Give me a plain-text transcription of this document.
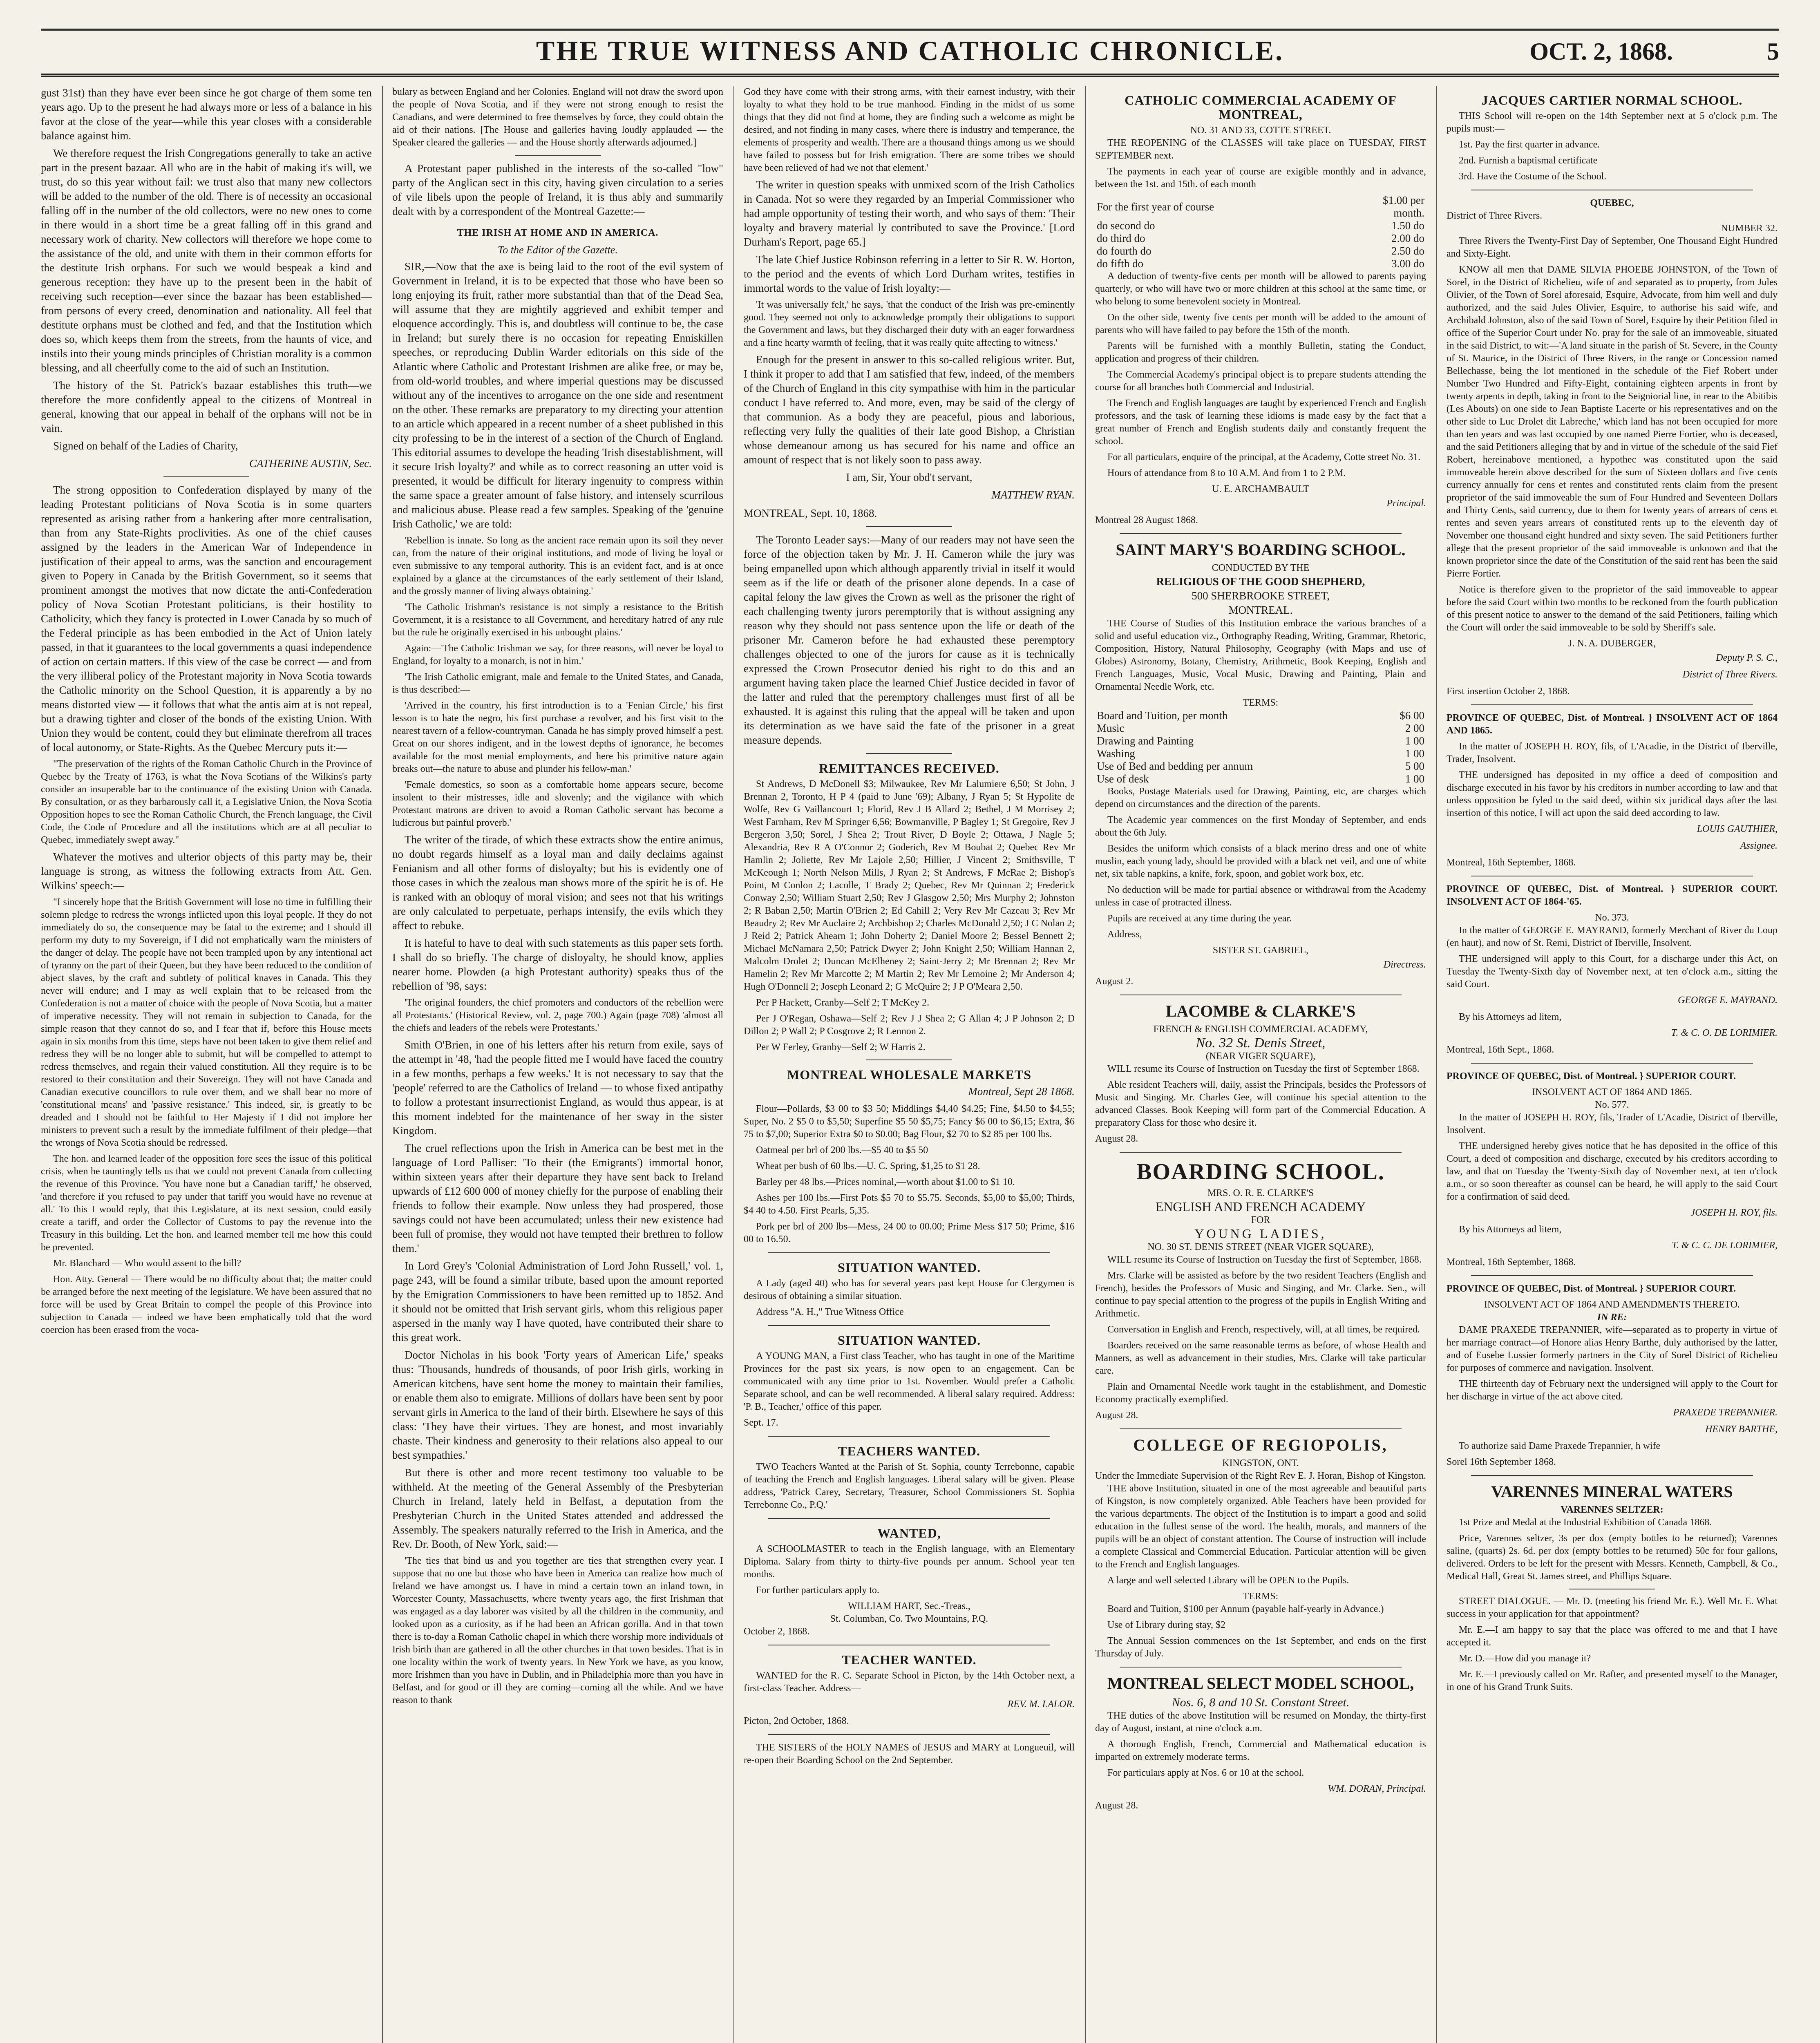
THE TRUE WITNESS AND CATHOLIC CHRONICLE.	OCT. 2, 1868.	5

gust 31st) than they have ever been since he got charge of them some ten years ago. Up to the present he had always more or less of a balance in his favor at the close of the year—while this year closes with a considerable balance against him.

We therefore request the Irish Congregations generally to take an active part in the present bazaar. All who are in the habit of making it's will, we trust, do so this year without fail: we trust also that many new collectors will be added to the number of the old. There is of necessity an occasional falling off in the number of the old collectors, were no new ones to come in there would in a short time be a great falling off in this grand and necessary work of charity. New collectors will therefore we hope come to the assistance of the old, and unite with them in their common efforts for the destitute Irish orphans. For such we would bespeak a kind and generous reception: they have up to the present been in the habit of receiving such reception—ever since the bazaar has been established—from persons of every creed, denomination and nationality. All feel that destitute orphans must be clothed and fed, and that the Institution which does so, which keeps them from the streets, from the haunts of vice, and instils into their young minds principles of Christian morality is a common blessing, and all cheerfully come to the aid of such an Institution.

The history of the St. Patrick's bazaar establishes this truth—we therefore the more confidently appeal to the citizens of Montreal in general, knowing that our appeal in behalf of the orphans will not be in vain.

Signed on behalf of the Ladies of Charity,

CATHERINE AUSTIN, Sec.

The strong opposition to Confederation displayed by many of the leading Protestant politicians of Nova Scotia is in some quarters represented as arising rather from a hankering after more centralisation, than from any State-Rights proclivities. As one of the chief causes assigned by the leaders in the American War of Independence in justification of their appeal to arms, was the sanction and encouragement given to Popery in Canada by the British Government, so it seems that prominent amongst the motives that now dictate the anti-Confederation policy of Nova Scotian Protestant politicians, is their hostility to Catholicity, which they fancy is protected in Lower Canada by so much of the Federal principle as has been embodied in the Act of Union lately passed, in that it guarantees to the local governments a quasi independence of action on certain matters. If this view of the case be correct — and from the very illiberal policy of the Protestant majority in Nova Scotia towards the Catholic minority on the School Question, it is apparently a by no means distorted view — it follows that what the antis aim at is not repeal, but a drawing tighter and closer of the bonds of the existing Union. With Union they would be content, could they but eliminate therefrom all traces of local autonomy, or State-Rights. As the Quebec Mercury puts it:—

"The preservation of the rights of the Roman Catholic Church in the Province of Quebec by the Treaty of 1763, is what the Nova Scotians of the Wilkins's party consider an insuperable bar to the continuance of the existing Union with Canada. By consultation, or as they barbarously call it, a Legislative Union, the Nova Scotia Opposition hopes to see the Roman Catholic Church, the French language, the Civil Code, the Code of Procedure and all the institutions which are at all peculiar to Quebec, immediately swept away."

Whatever the motives and ulterior objects of this party may be, their language is strong, as witness the following extracts from Att. Gen. Wilkins' speech:—

"I sincerely hope that the British Government will lose no time in fulfilling their solemn pledge to redress the wrongs inflicted upon this loyal people. If they do not immediately do so, the consequence may be fatal to the extreme; and I should ill perform my duty to my Sovereign, if I did not emphatically warn the ministers of the danger of delay. The people have not been trampled upon by any intentional act of tyranny on the part of their Queen, but they have been reduced to the condition of abject slaves, by the craft and subtlety of political knaves in Canada. This they never will endure; and I may as well explain that to be released from the Confederation is not a matter of choice with the people of Nova Scotia, but a matter of imperative necessity. They will not remain in subjection to Canada, for the simple reason that they cannot do so, and I fear that if, before this House meets again in six months from this time, steps have not been taken to give them relief and redress they will be no longer able to submit, but will be compelled to attempt to redress themselves, and regain their valued constitution. All they require is to be restored to their constitution and their Sovereign. They will not have Canada and Canadian executive councillors to rule over them, and we shall bear no more of 'constitutional means' and 'passive resistance.' This indeed, sir, is greatly to be dreaded and I should not be faithful to Her Majesty if I did not implore her ministers to prevent such a result by the immediate fulfilment of their pledge—that the wrongs of Nova Scotia should be redressed.

The hon. and learned leader of the opposition fore sees the issue of this political crisis, when he tauntingly tells us that we could not prevent Canada from collecting the revenue of this Province. 'You have none but a Canadian tariff,' he observed, 'and therefore if you refused to pay under that tariff you would have no revenue at all.' To this I would reply, that this Legislature, at its next session, could easily create a tariff, and order the Collector of Customs to pay the revenue into the Treasury in this building. Let the hon. and learned member tell me how this could be prevented.

Mr. Blanchard — Who would assent to the bill?

Hon. Atty. General — There would be no difficulty about that; the matter could be arranged before the next meeting of the legislature. We have been assured that no force will be used by Great Britain to compel the people of this Province into subjection to Canada — indeed we have been emphatically told that the word coercion has been erased from the voca-

bulary as between England and her Colonies. England will not draw the sword upon the people of Nova Scotia, and if they were not strong enough to resist the Canadians, and were determined to free themselves by force, they could obtain the aid of their nations. [The House and galleries having loudly applauded — the Speaker cleared the galleries — and the House shortly afterwards adjourned.]

A Protestant paper published in the interests of the so-called "low" party of the Anglican sect in this city, having given circulation to a series of vile libels upon the people of Ireland, it is thus ably and summarily dealt with by a correspondent of the Montreal Gazette:—

THE IRISH AT HOME AND IN AMERICA.
To the Editor of the Gazette.

SIR,—Now that the axe is being laid to the root of the evil system of Government in Ireland, it is to be expected that those who have been so long enjoying its fruit, rather more substantial than that of the Dead Sea, will assume that they are mightily aggrieved and exhibit temper and eloquence accordingly. This is, and doubtless will continue to be, the case in Ireland; but surely there is no occasion for repeating Enniskillen speeches, or reproducing Dublin Warder editorials on this side of the Atlantic where Catholic and Protestant Irishmen are alike free, or may be, from old-world troubles, and where imperial questions may be discussed without any of the incentives to arrogance on the one side and resentment on the other. These remarks are preparatory to my directing your attention to an article which appeared in a recent number of a sheet published in this city professing to be in the interest of a section of the Church of England. This editorial assumes to develope the heading 'Irish disestablishment, will it secure Irish loyalty?' and while as to correct reasoning an utter void is presented, it would be difficult for literary ingenuity to compress within the same space a greater amount of false history, and intensely scurrilous and malicious abuse. Please read a few samples. Speaking of the 'genuine Irish Catholic,' we are told:

'Rebellion is innate. So long as the ancient race remain upon its soil they never can, from the nature of their original institutions, and mode of living be loyal or even submissive to any temporal authority. This is an evident fact, and is at once explained by a glance at the circumstances of the early settlement of their Island, and the grossly manner of living always obtaining.'

'The Catholic Irishman's resistance is not simply a resistance to the British Government, it is a resistance to all Government, and hereditary hatred of any rule but the rule he originally exercised in his unbought plains.'

Again:—'The Catholic Irishman we say, for three reasons, will never be loyal to England, for loyalty to a monarch, is not in him.'

'The Irish Catholic emigrant, male and female to the United States, and Canada, is thus described:—

'Arrived in the country, his first introduction is to a 'Fenian Circle,' his first lesson is to hate the negro, his first purchase a revolver, and his first visit to the nearest tavern of a fellow-countryman. Canada he has simply proved himself a pest. Great on our shores indigent, and in the lowest depths of ignorance, he becomes available for the most menial employments, and here his primitive nature again breaks out—the nature to abuse and plunder his fellow-man.'

'Female domestics, so soon as a comfortable home appears secure, become insolent to their mistresses, idle and slovenly; and the vigilance with which Protestant matrons are driven to avoid a Roman Catholic servant has become a ludicrous but painful proverb.'

The writer of the tirade, of which these extracts show the entire animus, no doubt regards himself as a loyal man and daily declaims against Fenianism and all other forms of disloyalty; but his is evidently one of those cases in which the zealous man shows more of the spirit he is of. He is ranked with an obloquy of moral vision; and sees not that his writings are only calculated to perpetuate, perhaps intensify, the evils which they affect to rebuke.

It is hateful to have to deal with such statements as this paper sets forth. I shall do so briefly. The charge of disloyalty, he should know, applies nearer home. Plowden (a high Protestant authority) speaks thus of the rebellion of '98, says:

'The original founders, the chief promoters and conductors of the rebellion were all Protestants.' (Historical Review, vol. 2, page 700.) Again (page 708) 'almost all the chiefs and leaders of the rebels were Protestants.'

Smith O'Brien, in one of his letters after his return from exile, says of the attempt in '48, 'had the people fitted me I would have faced the country in a few months, perhaps a few weeks.' It is not necessary to say that the 'people' referred to are the Catholics of Ireland — to whose fixed antipathy to follow a protestant insurrectionist England, as would thus appear, is at this moment indebted for the maintenance of her sway in the sister Kingdom.

The cruel reflections upon the Irish in America can be best met in the language of Lord Palliser: 'To their (the Emigrants') immortal honor, within sixteen years after their departure they have sent back to Ireland upwards of £12 600 000 of money chiefly for the purpose of enabling their friends to follow their example. Now unless they had prospered, those savings could not have been accumulated; unless their new existence had been full of promise, they would not have tempted their brethren to follow them.'

In Lord Grey's 'Colonial Administration of Lord John Russell,' vol. 1, page 243, will be found a similar tribute, based upon the amount reported by the Emigration Commissioners to have been remitted up to 1852. And it should not be omitted that Irish servant girls, whom this religious paper aspersed in the manly way I have quoted, have contributed their share to this great work.

Doctor Nicholas in his book 'Forty years of American Life,' speaks thus: 'Thousands, hundreds of thousands, of poor Irish girls, working in American kitchens, have sent home the money to maintain their families, or enable them also to emigrate. Millions of dollars have been sent by poor servant girls in America to the land of their birth. Elsewhere he says of this class: 'They have their virtues. They are honest, and most invariably chaste. Their kindness and generosity to their relations also appeal to our best sympathies.'

But there is other and more recent testimony too valuable to be withheld. At the meeting of the General Assembly of the Presbyterian Church in Ireland, lately held in Belfast, a deputation from the Presbyterian Church in the United States attended and addressed the Assembly. The speakers naturally referred to the Irish in America, and the Rev. Dr. Booth, of New York, said:—

'The ties that bind us and you together are ties that strengthen every year. I suppose that no one but those who have been in America can realize how much of Ireland we have amongst us. I have in mind a certain town an inland town, in Worcester County, Massachusetts, where twenty years ago, the first Irishman that was engaged as a day laborer was visited by all the children in the community, and looked upon as a curiosity, as if he had been an African gorilla. And in that town there is to-day a Roman Catholic chapel in which there worship more individuals of Irish birth than are gathered in all the other churches in that town besides. That is in one locality within the work of twenty years. In New York we have, as you know, more Irishmen than you have in Dublin, and in Philadelphia more than you have in Belfast, and for good or ill they are coming—coming all the while. And we have reason to thank

God they have come with their strong arms, with their earnest industry, with their loyalty to what they hold to be true manhood. Finding in the midst of us some things that they did not find at home, they are finding such a welcome as might be desired, and not finding in many cases, where there is industry and temperance, the elements of prosperity and wealth. There are a thousand things among us we should have failed to possess but for Irish emigration. There are some tribes we should have been relieved of had we not that element.'

The writer in question speaks with unmixed scorn of the Irish Catholics in Canada. Not so were they regarded by an Imperial Commissioner who had ample opportunity of testing their worth, and who says of them: 'Their loyalty and bravery material ly contributed to save the Province.' [Lord Durham's Report, page 65.]

The late Chief Justice Robinson referring in a letter to Sir R. W. Horton, to the period and the events of which Lord Durham writes, testifies in immortal words to the value of Irish loyalty:—

'It was universally felt,' he says, 'that the conduct of the Irish was pre-eminently good. They seemed not only to acknowledge promptly their obligations to support the Government and laws, but they discharged their duty with an eager forwardness and a fine hearty warmth of feeling, that it was really quite affecting to witness.'

Enough for the present in answer to this so-called religious writer. But, I think it proper to add that I am satisfied that few, indeed, of the members of the Church of England in this city sympathise with him in the particular conduct I have referred to. And more, even, may be said of the clergy of that communion. As a body they are peaceful, pious and laborious, reflecting very fully the qualities of their late good Bishop, a Christian whose demeanour among us has secured for his name and office an amount of respect that is not likely soon to pass away.

I am, Sir, Your obd't servant,

MATTHEW RYAN.

MONTREAL, Sept. 10, 1868.

The Toronto Leader says:—Many of our readers may not have seen the force of the objection taken by Mr. J. H. Cameron while the jury was being empanelled upon which although apparently trivial in itself it would seem as if the life or death of the prisoner alone depends. In a case of capital felony the law gives the Crown as well as the prisoner the right of each challenging twenty jurors peremptorily that is without assigning any reason why they should not pass sentence upon the life or death of the prisoner Mr. Cameron before he had exhausted these peremptory challenges objected to one of the jurors for cause as it is technically expressed the Crown Prosecutor denied his right to do this and an argument having taken place the learned Chief Justice decided in favor of the latter and ruled that the peremptory challenges must first of all be exhausted. It is against this ruling that the appeal will be taken and upon its determination as we have said the fate of the prisoner in a great measure depends.

REMITTANCES RECEIVED.

St Andrews, D McDonell $3; Milwaukee, Rev Mr Lalumiere 6,50; St John, J Brennan 2, Toronto, H P 4 (paid to June '69); Albany, J Ryan 5; St Hypolite de Wolfe, Rev G Vaillancourt 1; Florid, Rev J B Allard 2; Bethel, J M Morrisey 2; West Farnham, Rev M Springer 6,56; Bowmanville, P Bagley 1; St Gregoire, Rev J Bergeron 3,50; Sorel, J Shea 2; Trout River, D Boyle 2; Ottawa, J Nagle 5; Alexandria, Rev R A O'Connor 2; Goderich, Rev M Boubat 2; Quebec Rev Mr Hamlin 2; Joliette, Rev Mr Lajole 2,50; Hillier, J Vincent 2; Smithsville, T McKeough 1; North Nelson Mills, J Ryan 2; St Andrews, F McRae 2; Bishop's Point, M Conlon 2; Lacolle, T Brady 2; Quebec, Rev Mr Quinnan 2; Frederick Conway 2,50; William Stuart 2,50; Rev J Glasgow 2,50; Mrs Murphy 2; Johnston 2; R Baban 2,50; Martin O'Brien 2; Ed Cahill 2; Very Rev Mr Cazeau 3; Rev Mr Beaudry 2; Rev Mr Auclaire 2; Archbishop 2; Charles McDonald 2,50; J C Nolan 2; J Reid 2; Patrick Ahearn 1; John Doherty 2; Daniel Moore 2; Bessel Bennett 2; Michael McNamara 2,50; Patrick Dwyer 2; John Knight 2,50; William Hannan 2, Malcolm Drolet 2; Duncan McElheney 2; Saint-Jerry 2; Mr Brennan 2; Rev Mr Hamelin 2; Rev Mr Marcotte 2; M Martin 2; Rev Mr Lemoine 2; Mr Anderson 4; Hugh O'Donnell 2; Joseph Leonard 2; G McQuire 2; J P O'Meara 2,50.

Per P Hackett, Granby—Self 2; T McKey 2.

Per J O'Regan, Oshawa—Self 2; Rev J J Shea 2; G Allan 4; J P Johnson 2; D Dillon 2; P Wall 2; P Cosgrove 2; R Lennon 2.

Per W Ferley, Granby—Self 2; W Harris 2.

MONTREAL WHOLESALE MARKETS
Montreal, Sept 28 1868.

Flour—Pollards, $3 00 to $3 50; Middlings $4,40 $4.25; Fine, $4.50 to $4,55; Super, No. 2 $5 0 to $5,50; Superfine $5 50 $5,75; Fancy $6 00 to $6,15; Extra, $6 75 to $7,00; Superior Extra $0 to $0.00; Bag Flour, $2 70 to $2 85 per 100 lbs.

Oatmeal per brl of 200 lbs.—$5 40 to $5 50

Wheat per bush of 60 lbs.—U. C. Spring, $1,25 to $1 28.

Barley per 48 lbs.—Prices nominal,—worth about $1.00 to $1 10.

Ashes per 100 lbs.—First Pots $5 70 to $5.75. Seconds, $5,00 to $5,00; Thirds, $4 40 to 4.50. First Pearls, 5,35.

Pork per brl of 200 lbs—Mess, 24 00 to 00.00; Prime Mess $17 50; Prime, $16 00 to 16.50.

SITUATION WANTED.

A Lady (aged 40) who has for several years past kept House for Clergymen is desirous of obtaining a similar situation.

Address "A. H.," True Witness Office

SITUATION WANTED.

A YOUNG MAN, a First class Teacher, who has taught in one of the Maritime Provinces for the past six years, is now open to an engagement. Can be communicated with any time prior to 1st. November. Would prefer a Catholic Separate school, and can be well recommended. A liberal salary required. Address: 'P. B., Teacher,' office of this paper.

Sept. 17.

TEACHERS WANTED.

TWO Teachers Wanted at the Parish of St. Sophia, county Terrebonne, capable of teaching the French and English languages. Liberal salary will be given. Please address, 'Patrick Carey, Secretary, Treasurer, School Commissioners St. Sophia Terrebonne Co., P.Q.'

WANTED,

A SCHOOLMASTER to teach in the English language, with an Elementary Diploma. Salary from thirty to thirty-five pounds per annum. School year ten months.

For further particulars apply to.

WILLIAM HART, Sec.-Treas.,
St. Columban, Co. Two Mountains, P.Q.

October 2, 1868.

TEACHER WANTED.

WANTED for the R. C. Separate School in Picton, by the 14th October next, a first-class Teacher. Address—

REV. M. LALOR.

Picton, 2nd October, 1868.

THE SISTERS of the HOLY NAMES of JESUS and MARY at Longueuil, will re-open their Boarding School on the 2nd September.

CATHOLIC COMMERCIAL ACADEMY OF MONTREAL,
NO. 31 AND 33, COTTE STREET.

THE REOPENING of the CLASSES will take place on TUESDAY, FIRST SEPTEMBER next.

The payments in each year of course are exigible monthly and in advance, between the 1st. and 15th. of each month

For the first year of course	$1.00 per month.
do second do	1.50 do
do third do	2.00 do
do fourth do	2.50 do
do fifth do	3.00 do

A deduction of twenty-five cents per month will be allowed to parents paying quarterly, or who will have two or more children at this school at the same time, or who belong to some benevolent society in Montreal.

On the other side, twenty five cents per month will be added to the amount of parents who will have failed to pay before the 15th of the month.

Parents will be furnished with a monthly Bulletin, stating the Conduct, application and progress of their children.

The Commercial Academy's principal object is to prepare students attending the course for all branches both Commercial and Industrial.

The French and English languages are taught by experienced French and English professors, and the task of learning these idioms is made easy by the fact that a great number of French and English students daily and constantly frequent the school.

For all particulars, enquire of the principal, at the Academy, Cotte street No. 31.

Hours of attendance from 8 to 10 A.M. And from 1 to 2 P.M.

U. E. ARCHAMBAULT
Principal.

Montreal 28 August 1868.

SAINT MARY'S BOARDING SCHOOL.
CONDUCTED BY THE
RELIGIOUS OF THE GOOD SHEPHERD,
500 SHERBROOKE STREET,
MONTREAL.

THE Course of Studies of this Institution embrace the various branches of a solid and useful education viz., Orthography Reading, Writing, Grammar, Rhetoric, Composition, History, Natural Philosophy, Geography (with Maps and use of Globes) Astronomy, Botany, Chemistry, Arithmetic, Book Keeping, English and French Languages, Music, Vocal Music, Drawing and Painting, Plain and Ornamental Needle Work, etc.

TERMS:
Board and Tuition, per month	$6 00
Music	2 00
Drawing and Painting	1 00
Washing	1 00
Use of Bed and bedding per annum	5 00
Use of desk	1 00

Books, Postage Materials used for Drawing, Painting, etc, are charges which depend on circumstances and the direction of the parents.

The Academic year commences on the first Monday of September, and ends about the 6th July.

Besides the uniform which consists of a black merino dress and one of white muslin, each young lady, should be provided with a black net veil, and one of white net, six table napkins, a knife, fork, spoon, and goblet work box, etc.

No deduction will be made for partial absence or withdrawal from the Academy unless in case of protracted illness.

Pupils are received at any time during the year.

Address,

SISTER ST. GABRIEL,
Directress.

August 2.

LACOMBE & CLARKE'S
FRENCH & ENGLISH COMMERCIAL ACADEMY,
No. 32 St. Denis Street,
(NEAR VIGER SQUARE),

WILL resume its Course of Instruction on Tuesday the first of September 1868.

Able resident Teachers will, daily, assist the Principals, besides the Professors of Music and Singing. Mr. Charles Gee, will continue his special attention to the advanced Classes. Book Keeping will form part of the Commercial Education. A preparatory Class for those who desire it.

August 28.

BOARDING SCHOOL.
MRS. O. R. E. CLARKE'S
ENGLISH AND FRENCH ACADEMY
FOR
YOUNG LADIES,
NO. 30 ST. DENIS STREET (NEAR VIGER SQUARE),

WILL resume its Course of Instruction on Tuesday the first of September, 1868.

Mrs. Clarke will be assisted as before by the two resident Teachers (English and French), besides the Professors of Music and Singing, and Mr. Clarke. Sen., will continue to pay special attention to the progress of the pupils in English Writing and Arithmetic.

Conversation in English and French, respectively, will, at all times, be required.

Boarders received on the same reasonable terms as before, of whose Health and Manners, as well as advancement in their studies, Mrs. Clarke will take particular care.

Plain and Ornamental Needle work taught in the establishment, and Domestic Economy practically exemplified.

August 28.

COLLEGE OF REGIOPOLIS,
KINGSTON, ONT.
Under the Immediate Supervision of the Right Rev E. J. Horan, Bishop of Kingston.

THE above Institution, situated in one of the most agreeable and beautiful parts of Kingston, is now completely organized. Able Teachers have been provided for the various departments. The object of the Institution is to impart a good and solid education in the fullest sense of the word. The health, morals, and manners of the pupils will be an object of constant attention. The Course of instruction will include a complete Classical and Commercial Education. Particular attention will be given to the French and English languages.

A large and well selected Library will be OPEN to the Pupils.

TERMS:

Board and Tuition, $100 per Annum (payable half-yearly in Advance.)

Use of Library during stay, $2

The Annual Session commences on the 1st September, and ends on the first Thursday of July.

MONTREAL SELECT MODEL SCHOOL,
Nos. 6, 8 and 10 St. Constant Street.

THE duties of the above Institution will be resumed on Monday, the thirty-first day of August, instant, at nine o'clock a.m.

A thorough English, French, Commercial and Mathematical education is imparted on extremely moderate terms.

For particulars apply at Nos. 6 or 10 at the school.

WM. DORAN, Principal.

August 28.

JACQUES CARTIER NORMAL SCHOOL.

THIS School will re-open on the 14th September next at 5 o'clock p.m. The pupils must:—

1st. Pay the first quarter in advance.

2nd. Furnish a baptismal certificate

3rd. Have the Costume of the School.

QUEBEC,
District of Three Rivers.
NUMBER 32.

Three Rivers the Twenty-First Day of September, One Thousand Eight Hundred and Sixty-Eight.

KNOW all men that DAME SILVIA PHOEBE JOHNSTON, of the Town of Sorel, in the District of Richelieu, wife of and separated as to property, from Jules Olivier, of the Town of Sorel aforesaid, Esquire, Advocate, from him well and duly authorized, and the said Jules Olivier, Esquire, to authorise his said wife, and Archibald Johnston, also of the said Town of Sorel, Esquire by their Petition filed in office of the Superior Court under No. pray for the sale of an immoveable, situated in the said District, to wit:—'A land situate in the parish of St. Severe, in the County of St. Maurice, in the District of Three Rivers, in the range or Concession named Bellechasse, being the lot mentioned in the schedule of the Fief Robert under Number Two Hundred and Fifty-Eight, containing eighteen arpents in front by twenty arpents in depth, taking in front to the Seigniorial line, in rear to the Abitibis (Les Abouts) on one side to Jean Baptiste Lacerte or his representatives and on the other side to Luc Drolet dit Labreche,' which land has not been occupied for more than ten years and was last occupied by one named Pierre Fortier, who is deceased, and the said Petitioners alleging that by and in virtue of the schedule of the said Fief Robert, hereinabove mentioned, a hypothec was constituted upon the said immoveable herein above described for the sum of Sixteen dollars and five cents currency annually for cens et rentes and constituted rents claim from the present proprietor of the said immoveable the sum of Four Hundred and Seventeen Dollars and Thirty Cents, said currency, due to them for twenty years of arrears of cens et rentes and seven years arrears of constituted rents up to the eleventh day of November one thousand eight hundred and sixty seven. The said Petitioners further allege that the present proprietor of the said immoveable is unknown and that the known proprietor since the date of the Constitution of the said rent has been the said Pierre Fortier.

Notice is therefore given to the proprietor of the said immoveable to appear before the said Court within two months to be reckoned from the fourth publication of this present notice to answer to the demand of the said Petitioners, failing which the Court will order the said immoveable to be sold by Sheriff's sale.

J. N. A. DUBERGER,
Deputy P. S. C.,
District of Three Rivers.

First insertion October 2, 1868.

PROVINCE OF QUEBEC, Dist. of Montreal. } INSOLVENT ACT OF 1864 AND 1865.

In the matter of JOSEPH H. ROY, fils, of L'Acadie, in the District of Iberville, Trader, Insolvent.

THE undersigned has deposited in my office a deed of composition and discharge executed in his favor by his creditors in number according to law and that unless opposition be fyled to the said deed, within six juridical days after the last insertion of this notice, I will act upon the said deed according to law.

LOUIS GAUTHIER,
Assignee.

Montreal, 16th September, 1868.

PROVINCE OF QUEBEC, Dist. of Montreal. } SUPERIOR COURT. INSOLVENT ACT OF 1864-'65.

No. 373.

In the matter of GEORGE E. MAYRAND, formerly Merchant of River du Loup (en haut), and now of St. Remi, District of Iberville, Insolvent.

THE undersigned will apply to this Court, for a discharge under this Act, on Tuesday the Twenty-Sixth day of November next, at ten o'clock a.m., sitting the said Court.

GEORGE E. MAYRAND.

By his Attorneys ad litem,

T. & C. O. DE LORIMIER.

Montreal, 16th Sept., 1868.

PROVINCE OF QUEBEC, Dist. of Montreal. } SUPERIOR COURT.

INSOLVENT ACT OF 1864 AND 1865.
No. 577.

In the matter of JOSEPH H. ROY, fils, Trader of L'Acadie, District of Iberville, Insolvent.

THE undersigned hereby gives notice that he has deposited in the office of this Court, a deed of composition and discharge, executed by his creditors according to law, and that on Tuesday the Twenty-Sixth day of November next, at ten o'clock a.m., or so soon thereafter as counsel can be heard, he will apply to the said Court for a confirmation of said deed.

JOSEPH H. ROY, fils.

By his Attorneys ad litem,

T. & C. C. DE LORIMIER,

Montreal, 16th September, 1868.

PROVINCE OF QUEBEC, Dist. of Montreal. } SUPERIOR COURT.

INSOLVENT ACT OF 1864 AND AMENDMENTS THERETO.
IN RE:

DAME PRAXEDE TREPANNIER, wife—separated as to property in virtue of her marriage contract—of Honore alias Henry Barthe, duly authorised by the latter, and of Eusebe Lussier formerly partners in the City of Sorel District of Richelieu for purposes of commerce and navigation. Insolvent.

THE thirteenth day of February next the undersigned will apply to the Court for her discharge in virtue of the act above cited.

PRAXEDE TREPANNIER.
HENRY BARTHE,

To authorize said Dame Praxede Trepannier, h wife

Sorel 16th September 1868.

VARENNES MINERAL WATERS
VARENNES SELTZER:

1st Prize and Medal at the Industrial Exhibition of Canada 1868.

Price, Varennes seltzer, 3s per dox (empty bottles to be returned); Varennes saline, (quarts) 2s. 6d. per dox (empty bottles to be returned) 50c for four gallons, delivered. Orders to be left for the present with Messrs. Kenneth, Campbell, & Co., Medical Hall, Great St. James street, and Phillips Square.

STREET DIALOGUE. — Mr. D. (meeting his friend Mr. E.). Well Mr. E. What success in your application for that appointment?

Mr. E.—I am happy to say that the place was offered to me and that I have accepted it.

Mr. D.—How did you manage it?

Mr. E.—I previously called on Mr. Rafter, and presented myself to the Manager, in one of his Grand Trunk Suits.
